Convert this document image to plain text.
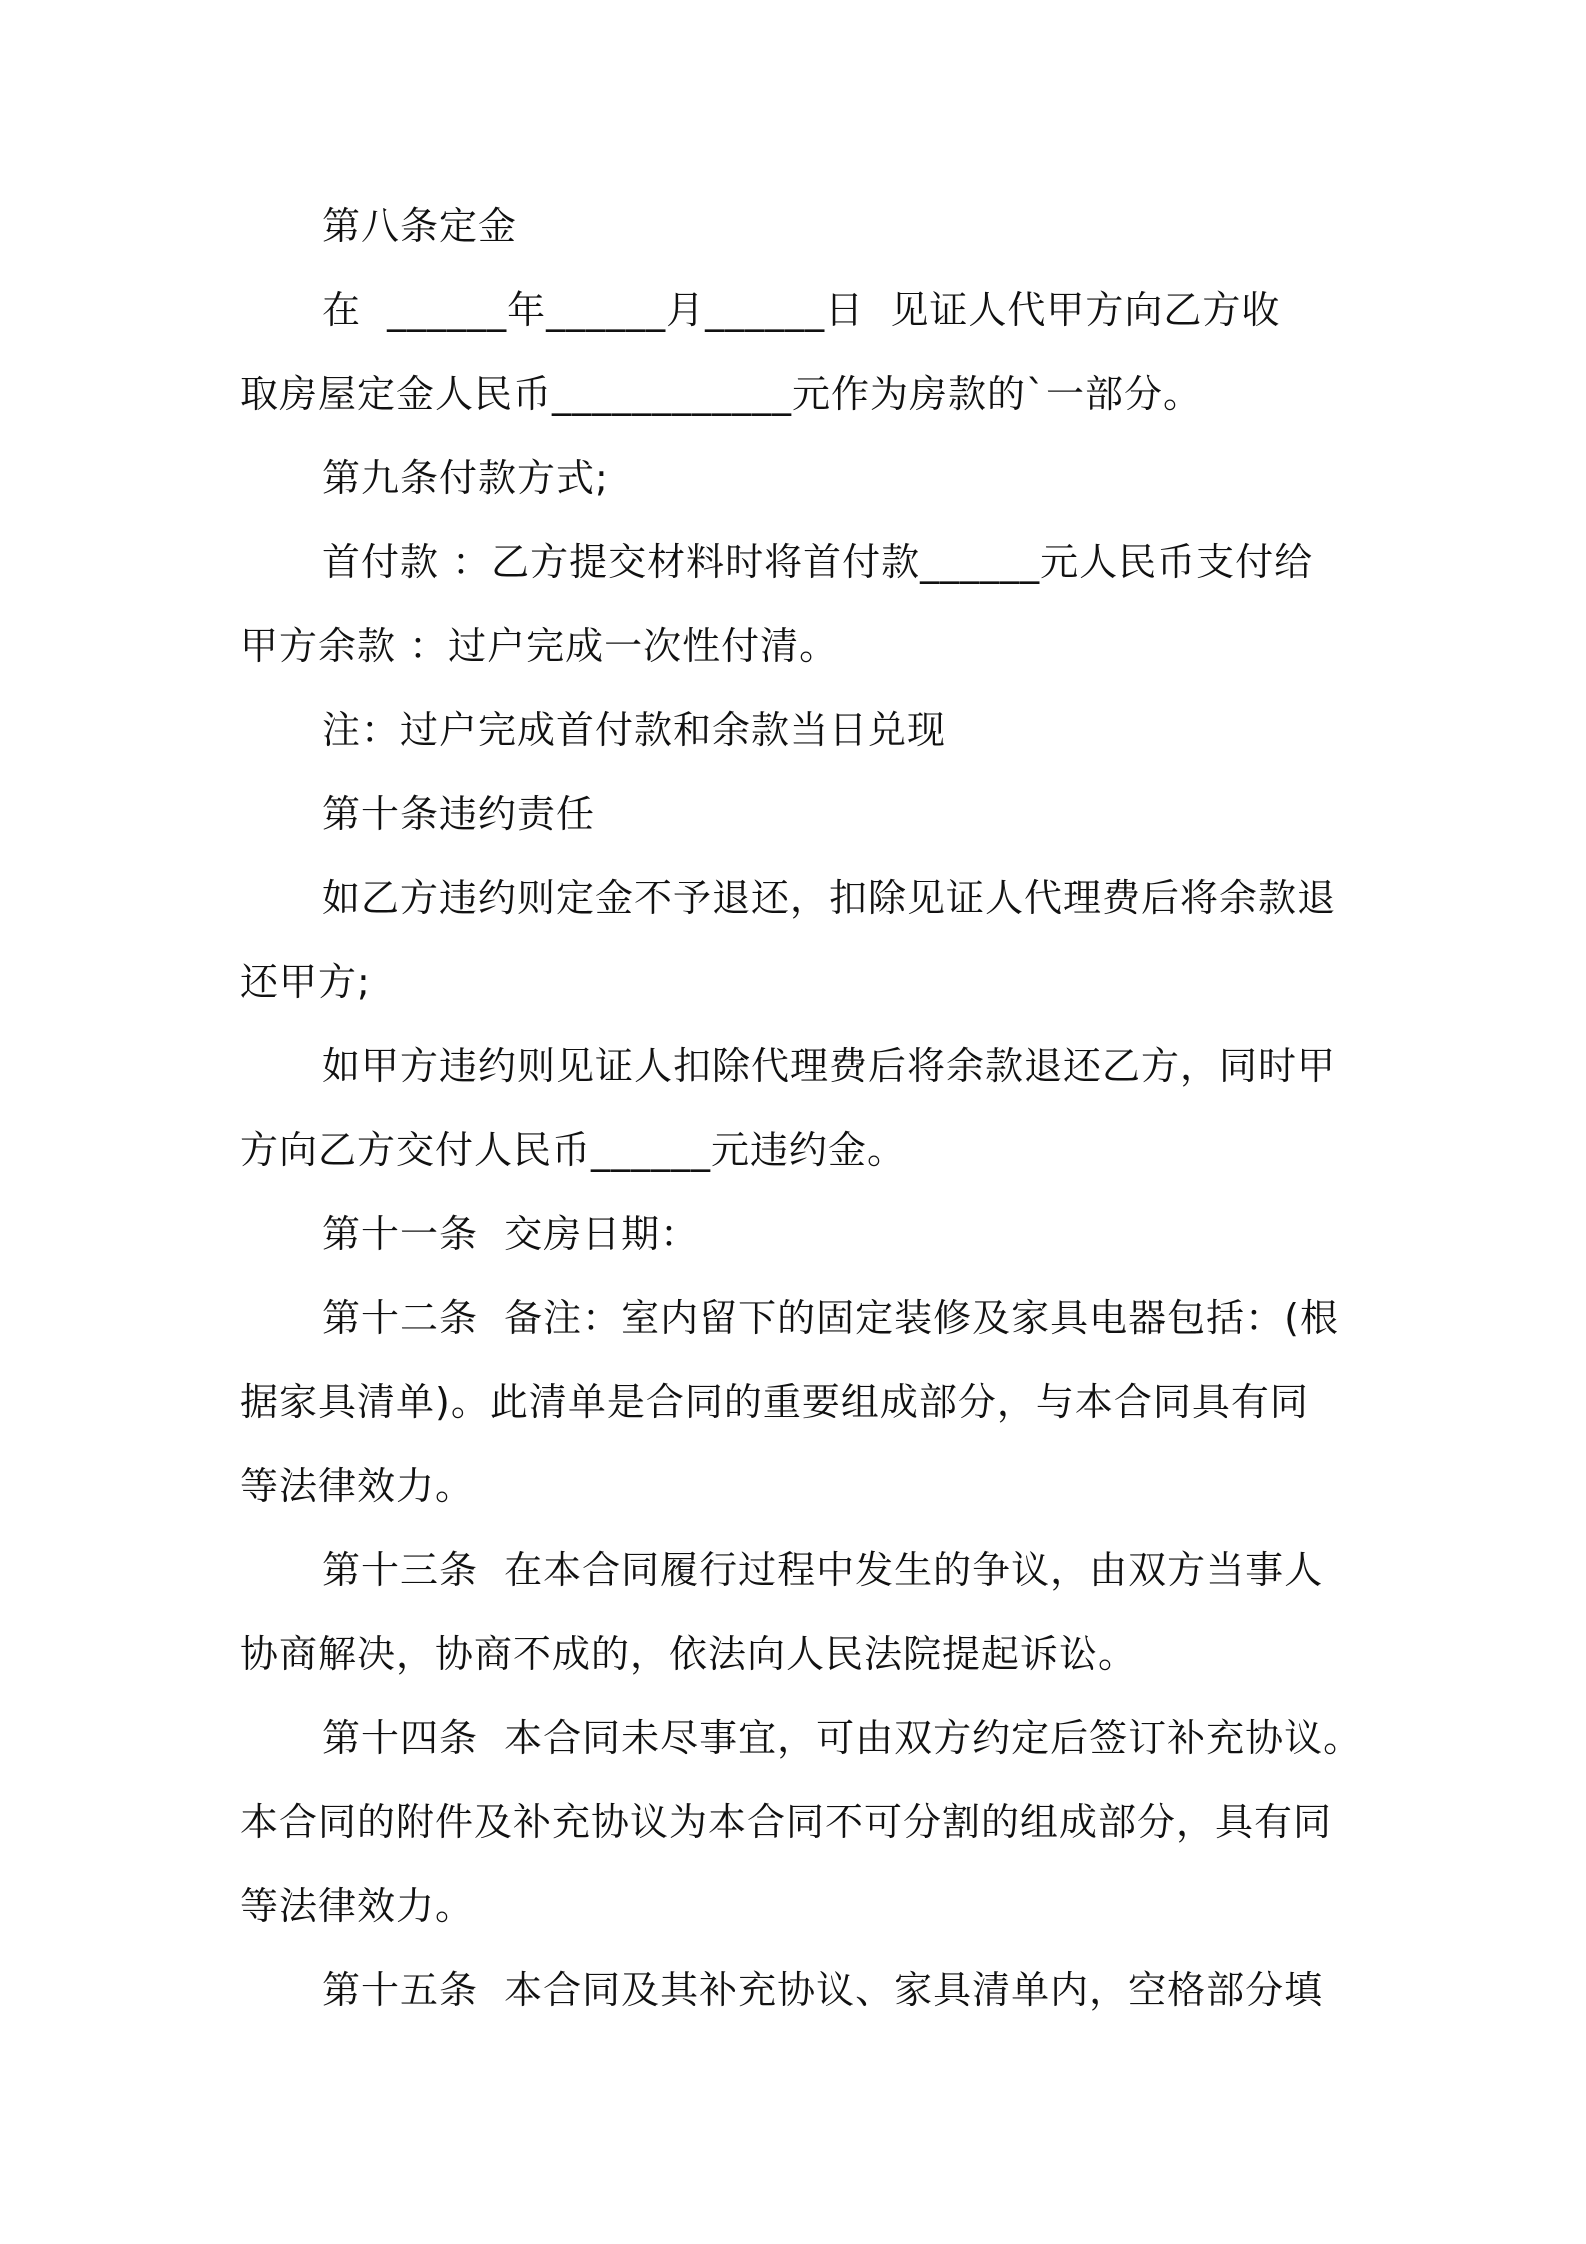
第八条定金
在  ______年______月______日  见证人代甲方向乙方收
取房屋定金人民币____________元作为房款的`一部分。
第九条付款方式;
首付款 ：乙方提交材料时将首付款______元人民币支付给
甲方余款 ：过户完成一次性付清。
注：过户完成首付款和余款当日兑现
第十条违约责任
如乙方违约则定金不予退还，扣除见证人代理费后将余款退
还甲方;
如甲方违约则见证人扣除代理费后将余款退还乙方，同时甲
方向乙方交付人民币______元违约金。
第十一条  交房日期：
第十二条  备注：室内留下的固定装修及家具电器包括：(根
据家具清单)。此清单是合同的重要组成部分，与本合同具有同
等法律效力。
第十三条  在本合同履行过程中发生的争议，由双方当事人
协商解决，协商不成的，依法向人民法院提起诉讼。
第十四条  本合同未尽事宜，可由双方约定后签订补充协议。
本合同的附件及补充协议为本合同不可分割的组成部分，具有同
等法律效力。
第十五条  本合同及其补充协议、家具清单内，空格部分填
